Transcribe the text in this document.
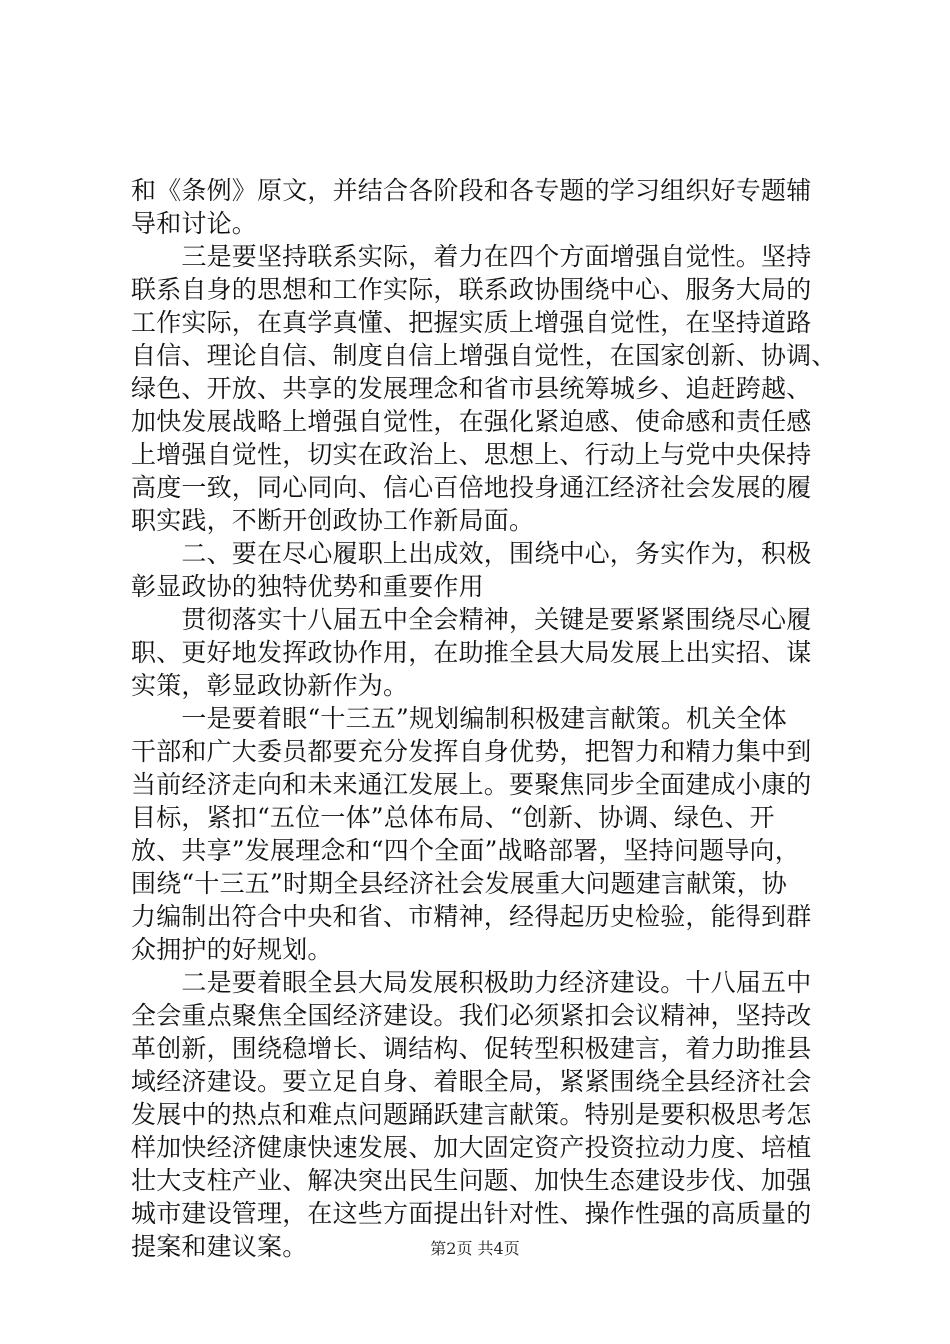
和《条例》原文，并结合各阶段和各专题的学习组织好专题辅
导和讨论。
　　三是要坚持联系实际，着力在四个方面增强自觉性。坚持
联系自身的思想和工作实际，联系政协围绕中心、服务大局的
工作实际，在真学真懂、把握实质上增强自觉性，在坚持道路
自信、理论自信、制度自信上增强自觉性，在国家创新、协调、
绿色、开放、共享的发展理念和省市县统筹城乡、追赶跨越、
加快发展战略上增强自觉性，在强化紧迫感、使命感和责任感
上增强自觉性，切实在政治上、思想上、行动上与党中央保持
高度一致，同心同向、信心百倍地投身通江经济社会发展的履
职实践，不断开创政协工作新局面。
　　二、要在尽心履职上出成效，围绕中心，务实作为，积极
彰显政协的独特优势和重要作用
　　贯彻落实十八届五中全会精神，关键是要紧紧围绕尽心履
职、更好地发挥政协作用，在助推全县大局发展上出实招、谋
实策，彰显政协新作为。
　　一是要着眼“十三五”规划编制积极建言献策。机关全体
干部和广大委员都要充分发挥自身优势，把智力和精力集中到
当前经济走向和未来通江发展上。要聚焦同步全面建成小康的
目标，紧扣“五位一体”总体布局、“创新、协调、绿色、开
放、共享”发展理念和“四个全面”战略部署，坚持问题导向，
围绕“十三五”时期全县经济社会发展重大问题建言献策，协
力编制出符合中央和省、市精神，经得起历史检验，能得到群
众拥护的好规划。
　　二是要着眼全县大局发展积极助力经济建设。十八届五中
全会重点聚焦全国经济建设。我们必须紧扣会议精神，坚持改
革创新，围绕稳增长、调结构、促转型积极建言，着力助推县
域经济建设。要立足自身、着眼全局，紧紧围绕全县经济社会
发展中的热点和难点问题踊跃建言献策。特别是要积极思考怎
样加快经济健康快速发展、加大固定资产投资拉动力度、培植
壮大支柱产业、解决突出民生问题、加快生态建设步伐、加强
城市建设管理，在这些方面提出针对性、操作性强的高质量的
提案和建议案。	第2页 共4页
